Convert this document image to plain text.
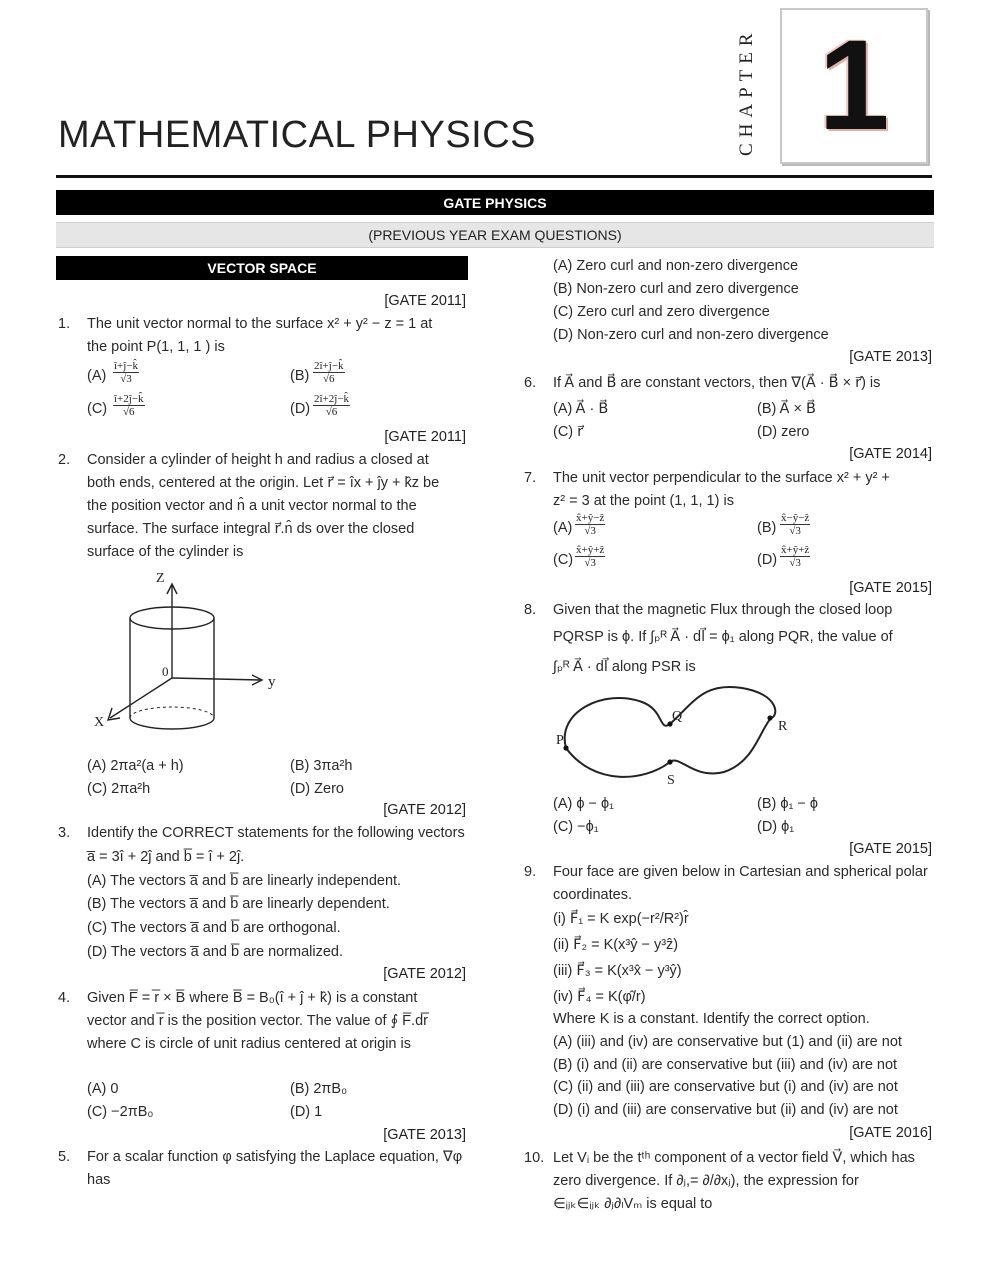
CHAPTER 1
MATHEMATICAL PHYSICS
GATE PHYSICS
(PREVIOUS YEAR EXAM QUESTIONS)
VECTOR SPACE
[GATE 2011]
1. The unit vector normal to the surface x² + y² − z = 1 at
the point P(1, 1, 1 ) is
$(A) \frac{î+ĵ-k̂}{√3}$	$(B) \frac{2î+ĵ-k̂}{√6}$
$(C) \frac{î+2ĵ-k̂}{√6}$	$(D) \frac{2î+2ĵ-k̂}{√6}$
[GATE 2011]
2. Consider a cylinder of height h and radius a closed at
both ends, centered at the origin. Let r⃗ = îx + ĵy + k̂z be
the position vector and n̂ a unit vector normal to the
surface. The surface integral r⃗.n̂ ds over the closed
surface of the cylinder is
Z
y
X
0
(A) 2πa²(a + h)	(B) 3πa²h
(C) 2πa²h	(D) Zero
[GATE 2012]
3. Identify the CORRECT statements for the following vectors
a̅ = 3î + 2ĵ and b̅ = î + 2ĵ.
(A) The vectors a̅ and b̅ are linearly independent.
(B) The vectors a̅ and b̅ are linearly dependent.
(C) The vectors a̅ and b̅ are orthogonal.
(D) The vectors a̅ and b̅ are normalized.
[GATE 2012]
4. Given F̅ = r̅ × B̅ where B̅ = B₀(î + ĵ + k̂) is a constant
vector and r̅ is the position vector. The value of ∮ F̅.dr̅
where C is circle of unit radius centered at origin is
(A) 0	(B) 2πB₀
(C) −2πB₀	(D) 1
[GATE 2013]
5. For a scalar function φ satisfying the Laplace equation, ∇φ
has
(A) Zero curl and non-zero divergence
(B) Non-zero curl and zero divergence
(C) Zero curl and zero divergence
(D) Non-zero curl and non-zero divergence
[GATE 2013]
6. If A⃗ and B⃗ are constant vectors, then ∇(A⃗ · B⃗ × r⃗) is
(A) A⃗ · B⃗	(B) A⃗ × B⃗
(C) r⃗	(D) zero
[GATE 2014]
7. The unit vector perpendicular to the surface x² + y² +
z² = 3 at the point (1, 1, 1) is
$(A) \frac{\text{x̂+ŷ−ẑ}}{√3}$	$(B) \frac{\text{x̂−ŷ−ẑ}}{√3}$
$(C) \frac{\text{x̂+ŷ+ẑ}}{√3}$	$(D) \frac{\text{x̂+ŷ+ẑ}}{√3}$
[GATE 2015]
8. Given that the magnetic Flux through the closed loop
PQRSP is ϕ. If ∫ₚᴿ A⃗ · dl⃗ = ϕ₁ along PQR, the value of
∫ₚᴿ A⃗ · dl⃗ along PSR is
P
Q
R
S
(A) ϕ − ϕ₁	(B) ϕ₁ − ϕ
(C) −ϕ₁	(D) ϕ₁
[GATE 2015]
9. Four face are given below in Cartesian and spherical polar
coordinates.
(i) F⃗₁ = K exp(−r²/R²)r̂
(ii) F⃗₂ = K(x³ŷ − y³ẑ)
(iii) F⃗₃ = K(x³x̂ − y³ŷ)
(iv) F⃗₄ = K(φ̂/r)
Where K is a constant. Identify the correct option.
(A) (iii) and (iv) are conservative but (1) and (ii) are not
(B) (i) and (ii) are conservative but (iii) and (iv) are not
(C) (ii) and (iii) are conservative but (i) and (iv) are not
(D) (i) and (iii) are conservative but (ii) and (iv) are not
[GATE 2016]
10. Let Vᵢ be the tᵗʰ component of a vector field V⃗, which has
zero divergence. If ∂ⱼ,= ∂/∂xⱼ), the expression for
∈ᵢⱼₖ∈ᵢⱼₖ ∂ⱼ∂ₗVₘ is equal to
